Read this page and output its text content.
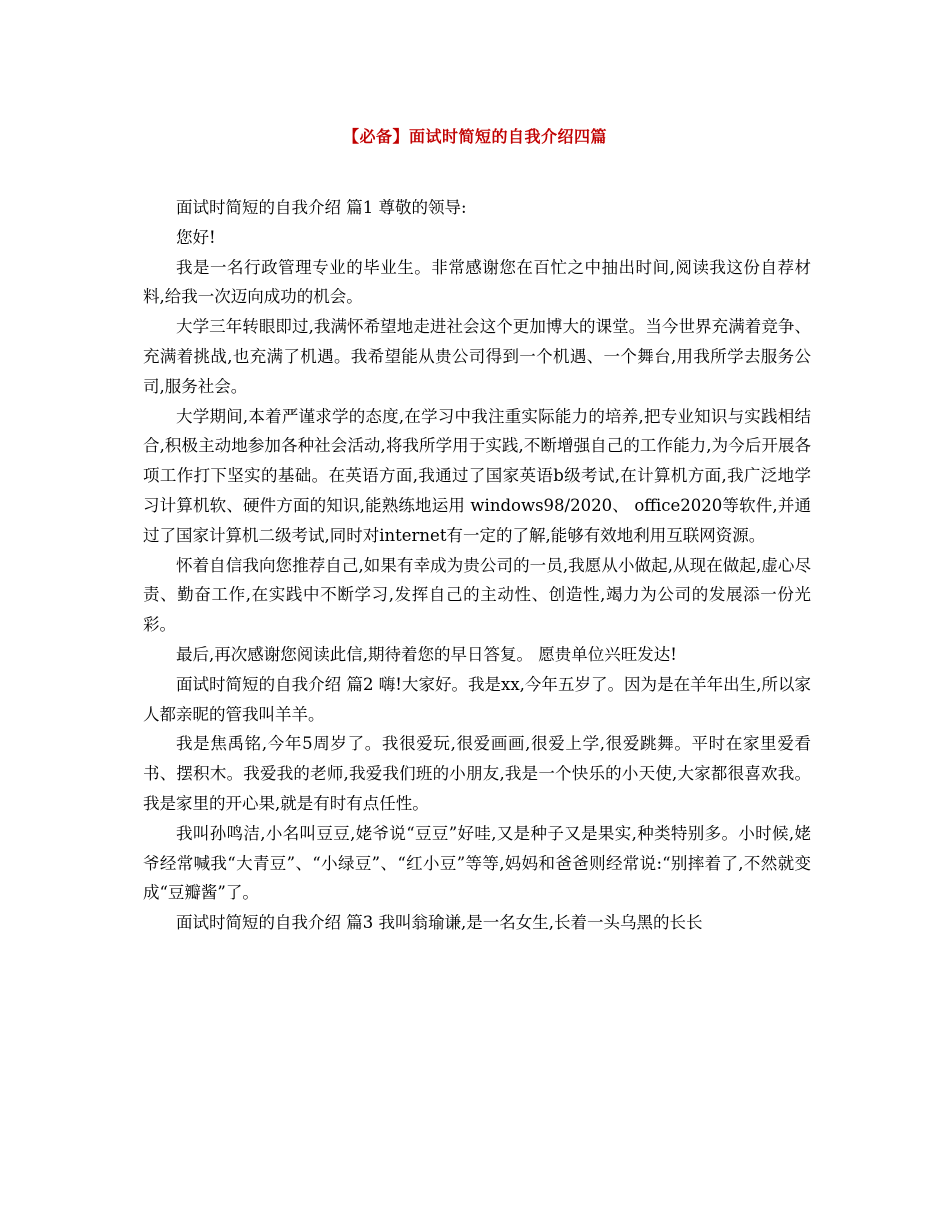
【必备】面试时简短的自我介绍四篇

面试时简短的自我介绍 篇1 尊敬的领导:

您好!

我是一名行政管理专业的毕业生。非常感谢您在百忙之中抽出时间,阅读我这份自荐材料,给我一次迈向成功的机会。

大学三年转眼即过,我满怀希望地走进社会这个更加博大的课堂。当今世界充满着竞争、充满着挑战,也充满了机遇。我希望能从贵公司得到一个机遇、一个舞台,用我所学去服务公司,服务社会。

大学期间,本着严谨求学的态度,在学习中我注重实际能力的培养,把专业知识与实践相结合,积极主动地参加各种社会活动,将我所学用于实践,不断增强自己的工作能力,为今后开展各项工作打下坚实的基础。在英语方面,我通过了国家英语b级考试,在计算机方面,我广泛地学习计算机软、硬件方面的知识,能熟练地运用 windows98/2020、 office2020等软件,并通过了国家计算机二级考试,同时对internet有一定的了解,能够有效地利用互联网资源。

怀着自信我向您推荐自己,如果有幸成为贵公司的一员,我愿从小做起,从现在做起,虚心尽责、勤奋工作,在实践中不断学习,发挥自己的主动性、创造性,竭力为公司的发展添一份光彩。

最后,再次感谢您阅读此信,期待着您的早日答复。 愿贵单位兴旺发达!

面试时简短的自我介绍 篇2 嗨!大家好。我是xx,今年五岁了。因为是在羊年出生,所以家人都亲昵的管我叫羊羊。

我是焦禹铭,今年5周岁了。我很爱玩,很爱画画,很爱上学,很爱跳舞。平时在家里爱看书、摆积木。我爱我的老师,我爱我们班的小朋友,我是一个快乐的小天使,大家都很喜欢我。我是家里的开心果,就是有时有点任性。

我叫孙鸣洁,小名叫豆豆,姥爷说“豆豆”好哇,又是种子又是果实,种类特别多。小时候,姥爷经常喊我“大青豆”、“小绿豆”、“红小豆”等等,妈妈和爸爸则经常说:“别摔着了,不然就变成“豆瓣酱”了。

面试时简短的自我介绍 篇3 我叫翁瑜谦,是一名女生,长着一头乌黑的长长
